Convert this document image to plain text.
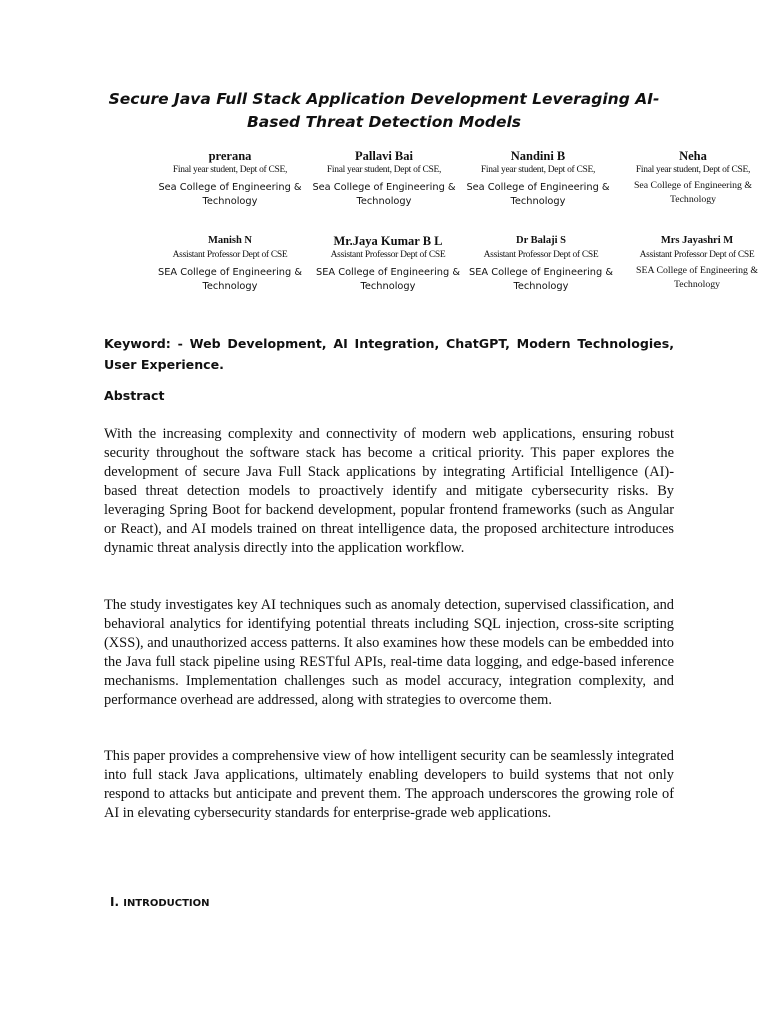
Secure Java Full Stack Application Development Leveraging AI-Based Threat Detection Models
prerana
Final year student, Dept of CSE,
Sea College of Engineering & Technology
Pallavi Bai
Final year student, Dept of CSE,
Sea College of Engineering & Technology
Nandini B
Final year student, Dept of CSE,
Sea College of Engineering & Technology
Neha
Final year student, Dept of CSE,
Sea College of Engineering & Technology
Manish N
Assistant Professor Dept of CSE
SEA College of Engineering & Technology
Mr.Jaya Kumar B L
Assistant Professor Dept of CSE
SEA College of Engineering & Technology
Dr Balaji S
Assistant Professor Dept of CSE
SEA College of Engineering & Technology
Mrs Jayashri M
Assistant Professor Dept of CSE
SEA College of Engineering & Technology
Keyword: - Web Development, AI Integration, ChatGPT, Modern Technologies, User Experience.
Abstract

With the increasing complexity and connectivity of modern web applications, ensuring robust security throughout the software stack has become a critical priority. This paper explores the development of secure Java Full Stack applications by integrating Artificial Intelligence (AI)-based threat detection models to proactively identify and mitigate cybersecurity risks. By leveraging Spring Boot for backend development, popular frontend frameworks (such as Angular or React), and AI models trained on threat intelligence data, the proposed architecture introduces dynamic threat analysis directly into the application workflow.

The study investigates key AI techniques such as anomaly detection, supervised classification, and behavioral analytics for identifying potential threats including SQL injection, cross-site scripting (XSS), and unauthorized access patterns. It also examines how these models can be embedded into the Java full stack pipeline using RESTful APIs, real-time data logging, and edge-based inference mechanisms. Implementation challenges such as model accuracy, integration complexity, and performance overhead are addressed, along with strategies to overcome them.

This paper provides a comprehensive view of how intelligent security can be seamlessly integrated into full stack Java applications, ultimately enabling developers to build systems that not only respond to attacks but anticipate and prevent them. The approach underscores the growing role of AI in elevating cybersecurity standards for enterprise-grade web applications.

I. INTRODUCTION
